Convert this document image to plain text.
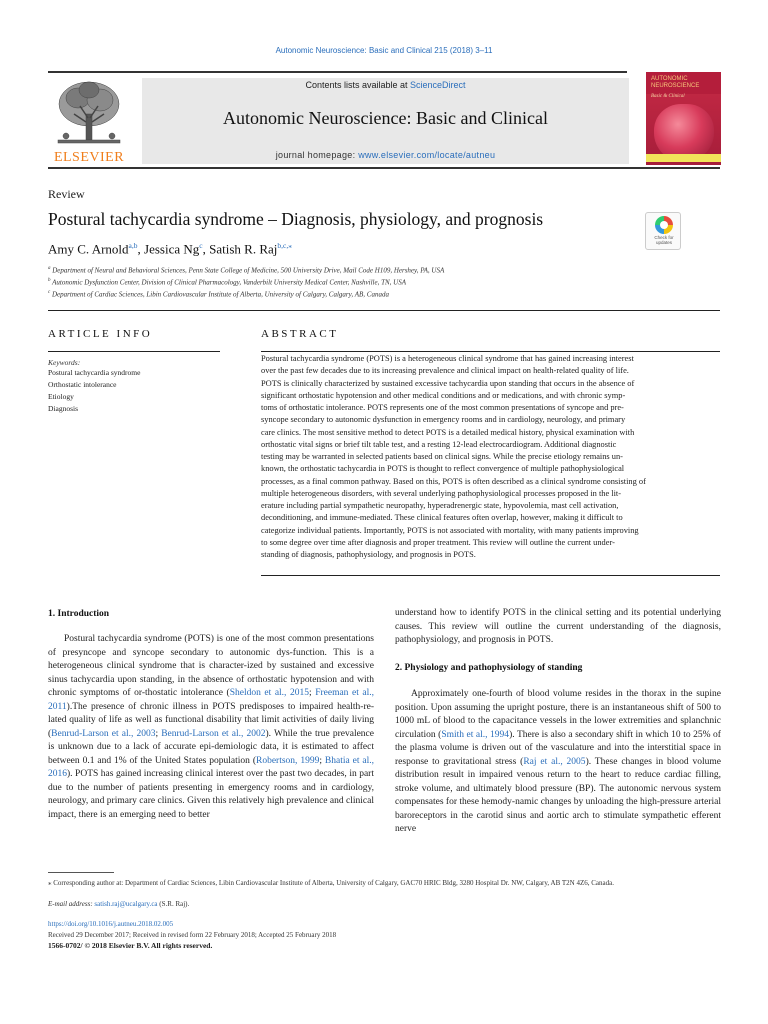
Autonomic Neuroscience: Basic and Clinical 215 (2018) 3–11
ELSEVIER
Contents lists available at ScienceDirect
Autonomic Neuroscience: Basic and Clinical
journal homepage: www.elsevier.com/locate/autneu
AUTONOMIC NEUROSCIENCE
Basic & Clinical
Review
Postural tachycardia syndrome – Diagnosis, physiology, and prognosis
Check for updates
Amy C. Arnold$^{a,b}$, Jessica Ng$^c$, Satish R. Raj$^{b,c,⁎}$
$^a$ Department of Neural and Behavioral Sciences, Penn State College of Medicine, 500 University Drive, Mail Code H109, Hershey, PA, USA
$^b$ Autonomic Dysfunction Center, Division of Clinical Pharmacology, Vanderbilt University Medical Center, Nashville, TN, USA
$^c$ Department of Cardiac Sciences, Libin Cardiovascular Institute of Alberta, University of Calgary, Calgary, AB, Canada
ARTICLE INFO
Keywords:
Postural tachycardia syndrome
Orthostatic intolerance
Etiology
Diagnosis
ABSTRACT
Postural tachycardia syndrome (POTS) is a heterogeneous clinical syndrome that has gained increasing interest
over the past few decades due to its increasing prevalence and clinical impact on health-related quality of life.
POTS is clinically characterized by sustained excessive tachycardia upon standing that occurs in the absence of
significant orthostatic hypotension and other medical conditions and or medications, and with chronic symp-
toms of orthostatic intolerance. POTS represents one of the most common presentations of syncope and pre-
syncope secondary to autonomic dysfunction in emergency rooms and in cardiology, neurology, and primary
care clinics. The most sensitive method to detect POTS is a detailed medical history, physical examination with
orthostatic vital signs or brief tilt table test, and a resting 12-lead electrocardiogram. Additional diagnostic
testing may be warranted in selected patients based on clinical signs. While the precise etiology remains un-
known, the orthostatic tachycardia in POTS is thought to reflect convergence of multiple pathophysiological
processes, as a final common pathway. Based on this, POTS is often described as a clinical syndrome consisting of
multiple heterogeneous disorders, with several underlying pathophysiological processes proposed in the lit-
erature including partial sympathetic neuropathy, hyperadrenergic state, hypovolemia, mast cell activation,
deconditioning, and immune-mediated. These clinical features often overlap, however, making it difficult to
categorize individual patients. Importantly, POTS is not associated with mortality, with many patients improving
to some degree over time after diagnosis and proper treatment. This review will outline the current under-
standing of diagnosis, pathophysiology, and prognosis in POTS.
1. Introduction

Postural tachycardia syndrome (POTS) is one of the most common presentations of presyncope and syncope secondary to autonomic dys-function. This is a heterogeneous clinical syndrome that is character-ized by sustained and excessive sinus tachycardia upon standing, in the absence of orthostatic hypotension and with chronic symptoms of or-thostatic intolerance (Sheldon et al., 2015; Freeman et al., 2011).The presence of chronic illness in POTS predisposes to impaired health-re-lated quality of life as well as functional disability that limit activities of daily living (Benrud-Larson et al., 2003; Benrud-Larson et al., 2002). While the true prevalence is unknown due to a lack of accurate epi-demiologic data, it is estimated to affect between 0.1 and 1% of the United States population (Robertson, 1999; Bhatia et al., 2016). POTS has gained increasing clinical interest over the past two decades, in part due to the number of patients presenting in emergency rooms and in cardiology, neurology, and primary care clinics. Given this relatively high prevalence and clinical impact, there is an emerging need to better

understand how to identify POTS in the clinical setting and its potential underlying causes. This review will outline the current understanding of the diagnosis, pathophysiology, and prognosis in POTS.
2. Physiology and pathophysiology of standing

Approximately one-fourth of blood volume resides in the thorax in the supine position. Upon assuming the upright posture, there is an instantaneous shift of 500 to 1000 mL of blood to the capacitance vessels in the lower extremities and splanchnic circulation (Smith et al., 1994). There is also a secondary shift in which 10 to 25% of the plasma volume is driven out of the vasculature and into the interstitial space in response to gravitational stress (Raj et al., 2005). These changes in blood volume distribution result in impaired venous return to the heart to reduce cardiac filling, stroke volume, and ultimately blood pressure (BP). The autonomic nervous system compensates for these hemody-namic changes by unloading the high-pressure arterial baroreceptors in the carotid sinus and aortic arch to stimulate sympathetic efferent nerve

⁎ Corresponding author at: Department of Cardiac Sciences, Libin Cardiovascular Institute of Alberta, University of Calgary, GAC70 HRIC Bldg, 3280 Hospital Dr. NW, Calgary, AB T2N 4Z6, Canada.
E-mail address: satish.raj@ucalgary.ca (S.R. Raj).
https://doi.org/10.1016/j.autneu.2018.02.005
Received 29 December 2017; Received in revised form 22 February 2018; Accepted 25 February 2018
1566-0702/ © 2018 Elsevier B.V. All rights reserved.
